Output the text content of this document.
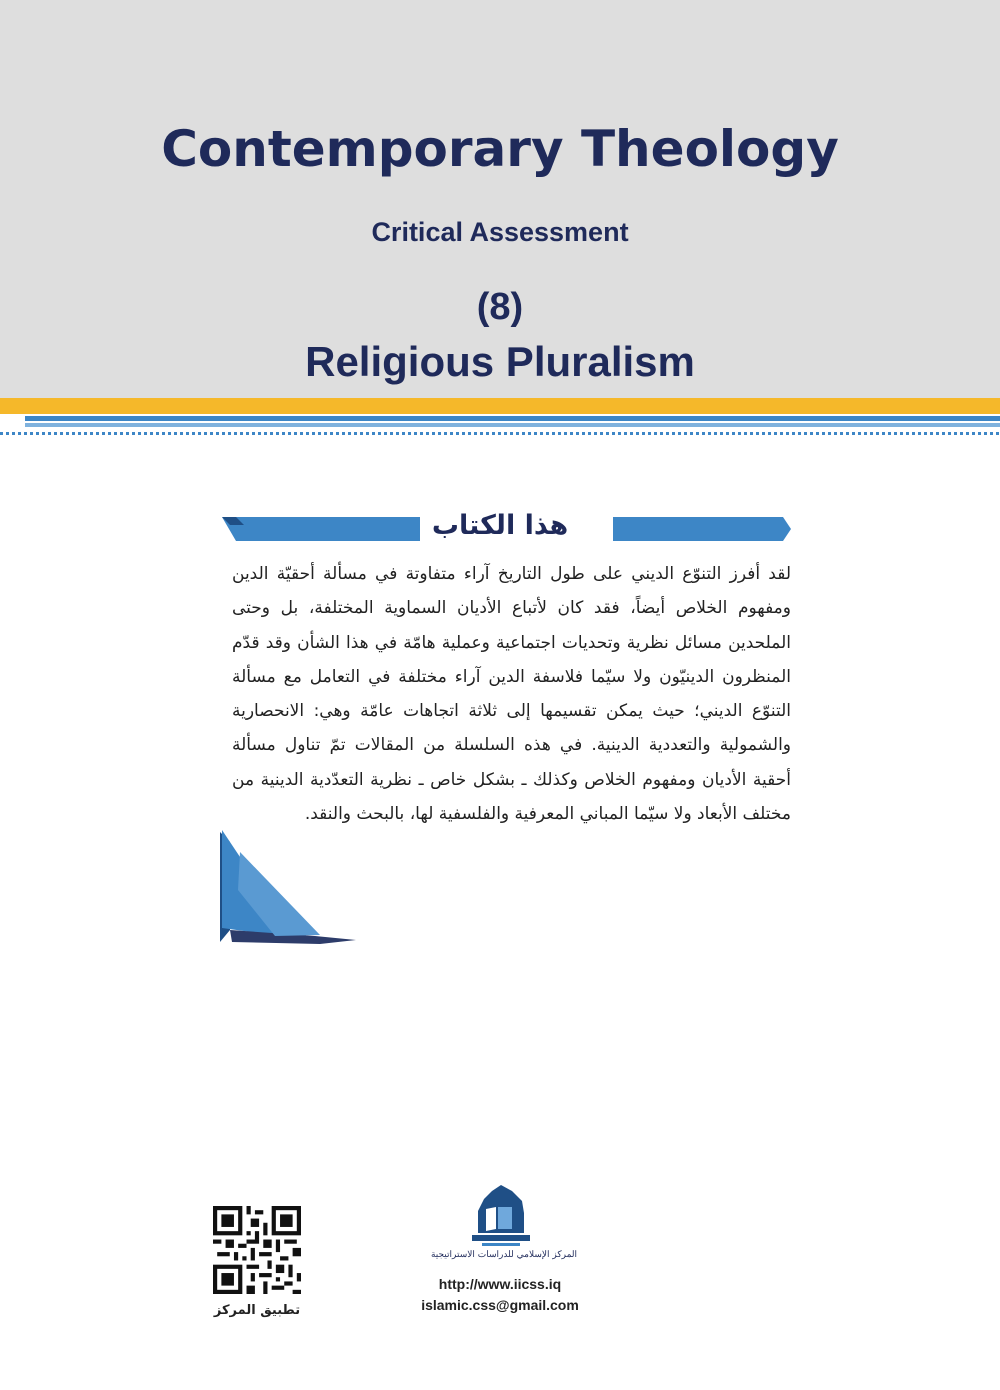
Contemporary Theology
Critical Assessment
(8)
Religious Pluralism
هذا الكتاب
لقد أفرز التنوّع الديني على طول التاريخ آراء متفاوتة في مسألة أحقيّة الدين ومفهوم الخلاص أيضاً، فقد كان لأتباع الأديان السماوية المختلفة، بل وحتى الملحدين مسائل نظرية وتحديات اجتماعية وعملية هامّة في هذا الشأن وقد قدّم المنظرون الدينيّون ولا سيّما فلاسفة الدين آراء مختلفة في التعامل مع مسألة التنوّع الديني؛ حيث يمكن تقسيمها إلى ثلاثة اتجاهات عامّة وهي: الانحصارية والشمولية والتعددية الدينية. في هذه السلسلة من المقالات تمّ تناول مسألة أحقية الأديان ومفهوم الخلاص وكذلك ـ بشكل خاص ـ نظرية التعدّدية الدينية من مختلف الأبعاد ولا سيّما المباني المعرفية والفلسفية لها، بالبحث والنقد.
المركز الإسلامي للدراسات الاستراتيجية
http://www.iicss.iq
islamic.css@gmail.com
تطبيق المركز
